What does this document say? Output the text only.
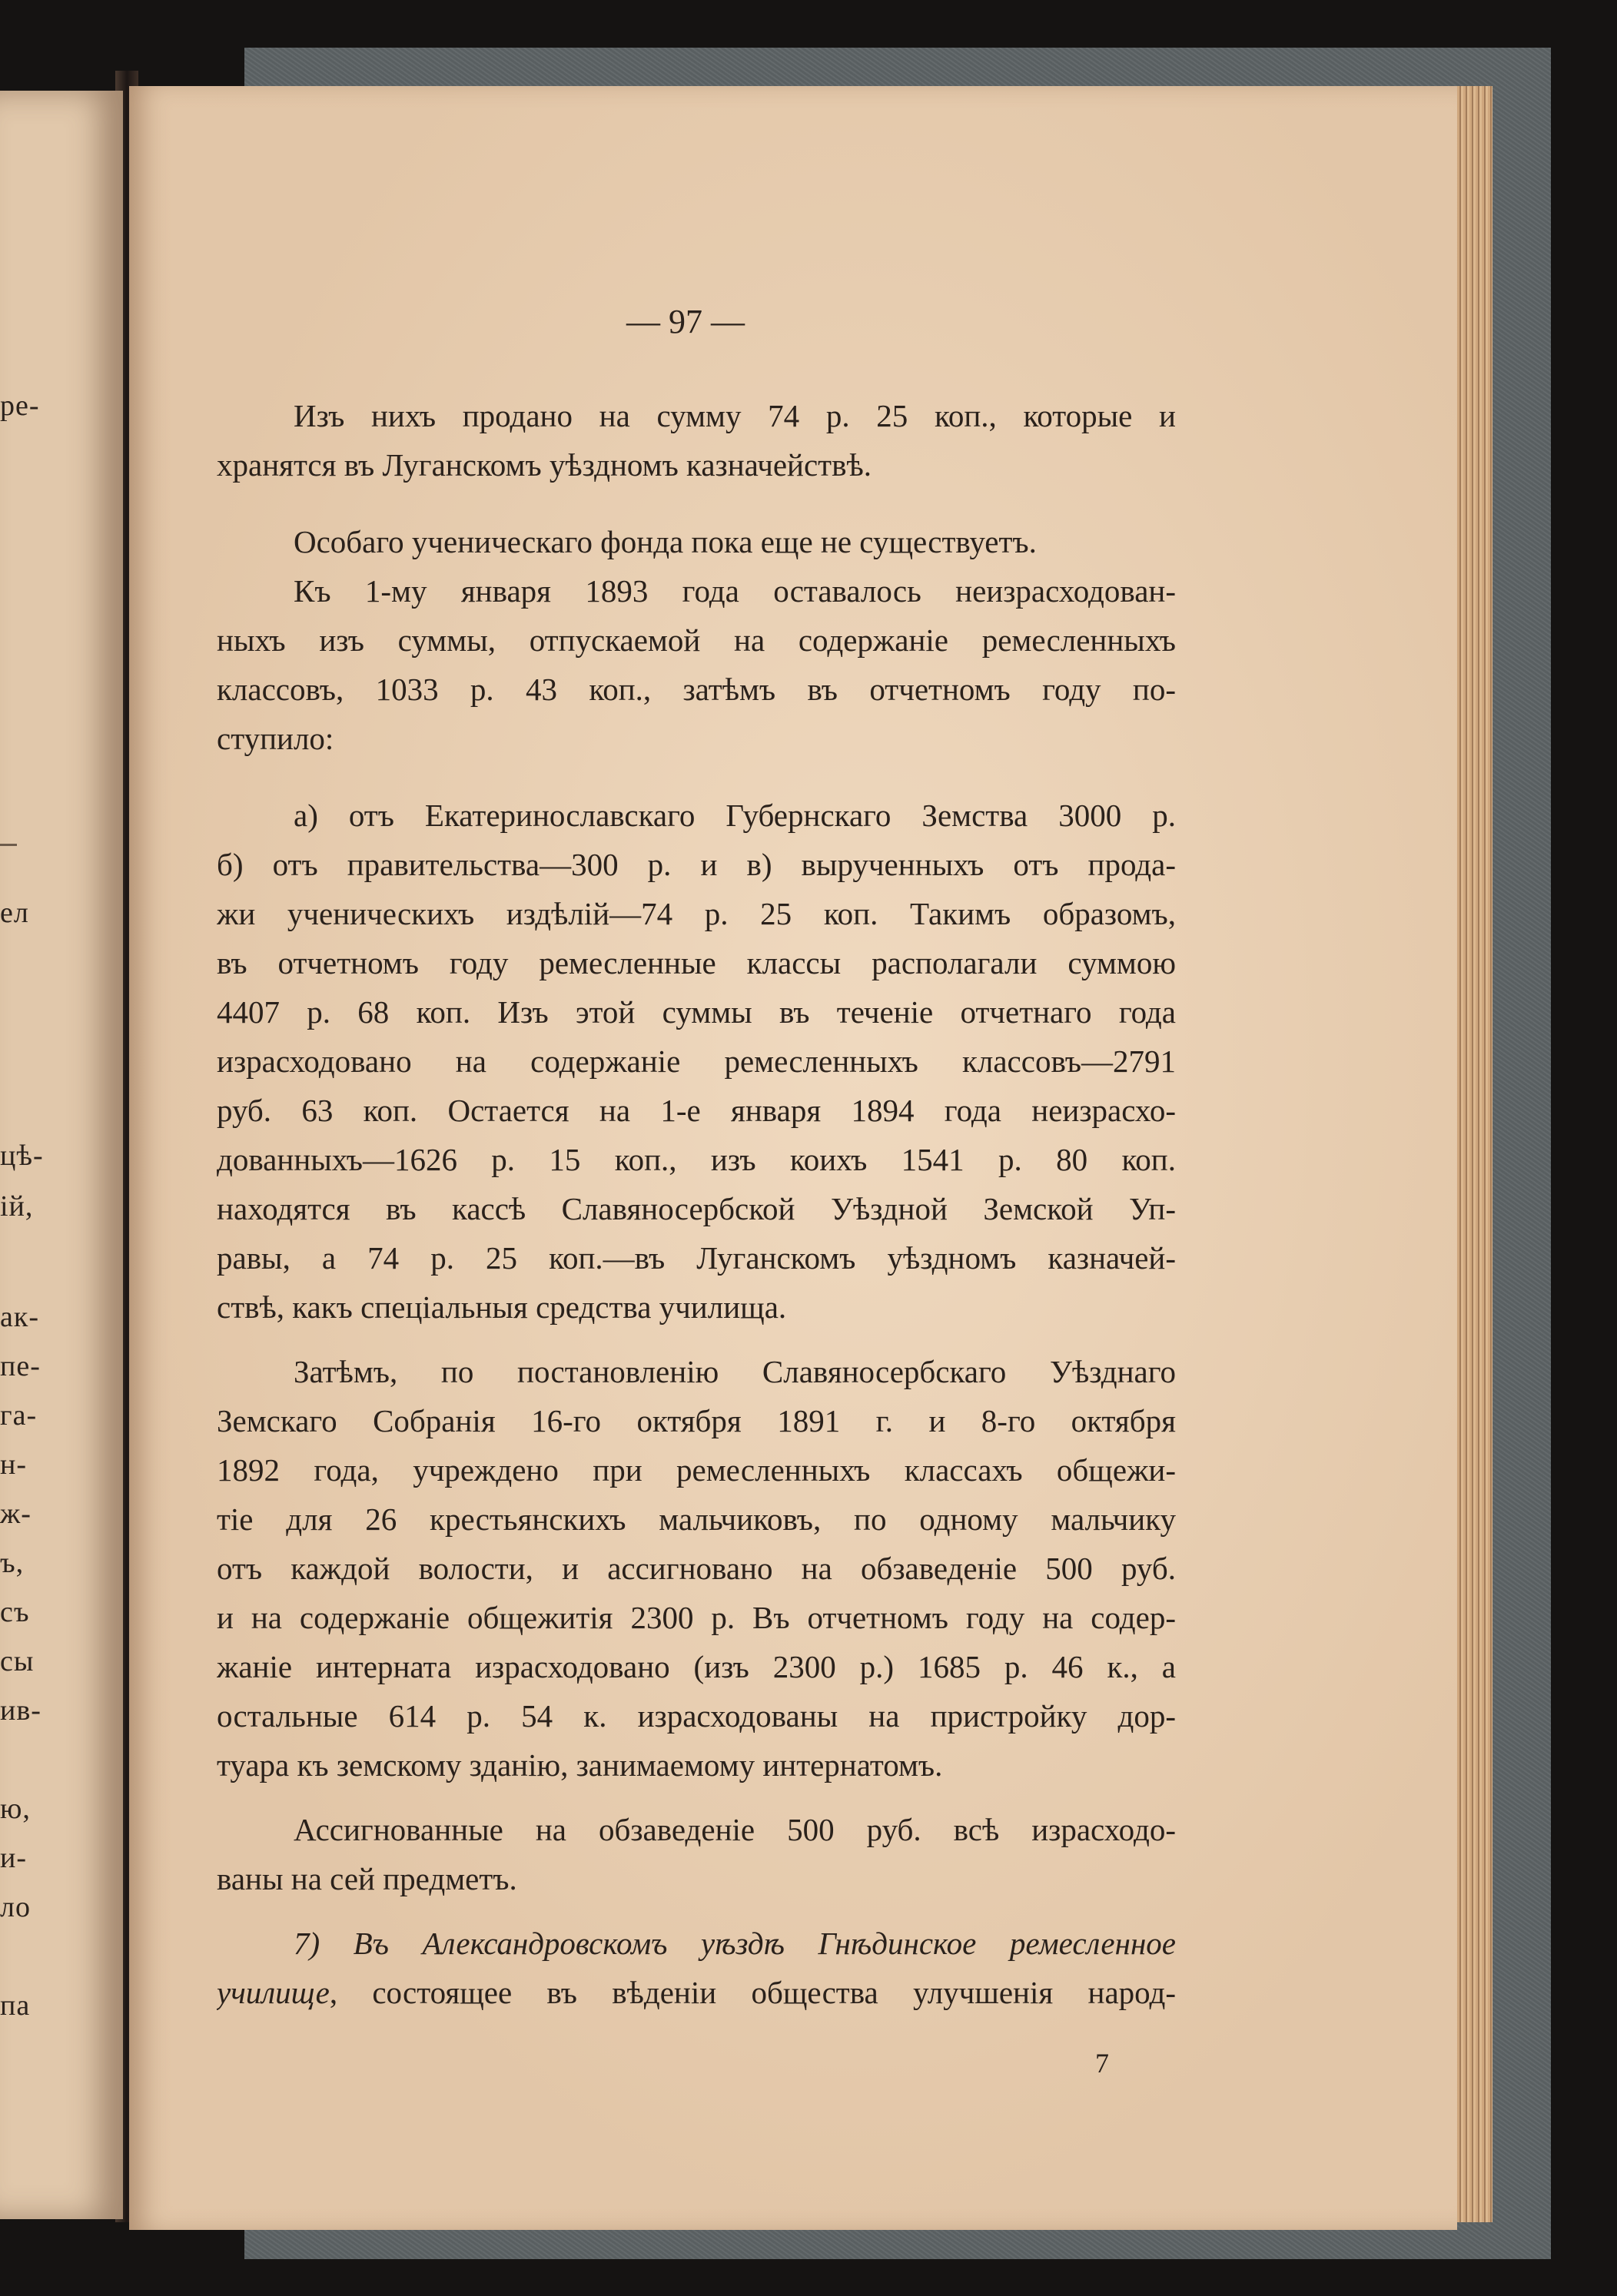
ре-
ел
цѣ-
ій,
ак-
пе-
га-
н-
ж-
ъ,
съ
сы
ив-
ю,
и-
ло
па
— 97 —
Изъ нихъ продано на сумму 74 р. 25 коп., которые и
хранятся въ Луганскомъ уѣздномъ казначействѣ.
Особаго ученическаго фонда пока еще не существуетъ.
Къ 1-му января 1893 года оставалось неизрасходован-
ныхъ изъ суммы, отпускаемой на содержаніе ремесленныхъ
классовъ, 1033 р. 43 коп., затѣмъ въ отчетномъ году по-
ступило:
а) отъ Екатеринославскаго Губернскаго Земства 3000 р.
б) отъ правительства—300 р. и в) вырученныхъ отъ прода-
жи ученическихъ издѣлій—74 р. 25 коп. Такимъ образомъ,
въ отчетномъ году ремесленные классы располагали суммою
4407 р. 68 коп. Изъ этой суммы въ теченіе отчетнаго года
израсходовано на содержаніе ремесленныхъ классовъ—2791
руб. 63 коп. Остается на 1-е января 1894 года неизрасхо-
дованныхъ—1626 р. 15 коп., изъ коихъ 1541 р. 80 коп.
находятся въ кассѣ Славяносербской Уѣздной Земской Уп-
равы, а 74 р. 25 коп.—въ Луганскомъ уѣздномъ казначей-
ствѣ, какъ спеціальныя средства училища.
Затѣмъ, по постановленію Славяносербскаго Уѣзднаго
Земскаго Собранія 16-го октября 1891 г. и 8-го октября
1892 года, учреждено при ремесленныхъ классахъ общежи-
тіе для 26 крестьянскихъ мальчиковъ, по одному мальчику
отъ каждой волости, и ассигновано на обзаведеніе 500 руб.
и на содержаніе общежитія 2300 р. Въ отчетномъ году на содер-
жаніе интерната израсходовано (изъ 2300 р.) 1685 р. 46 к., а
остальные 614 р. 54 к. израсходованы на пристройку дор-
туара къ земскому зданію, занимаемому интернатомъ.
Ассигнованные на обзаведеніе 500 руб. всѣ израсходо-
ваны на сей предметъ.
7) Въ Александровскомъ уѣздѣ Гнѣдинское ремесленное
училище, состоящее въ вѣденіи общества улучшенія народ-
7
